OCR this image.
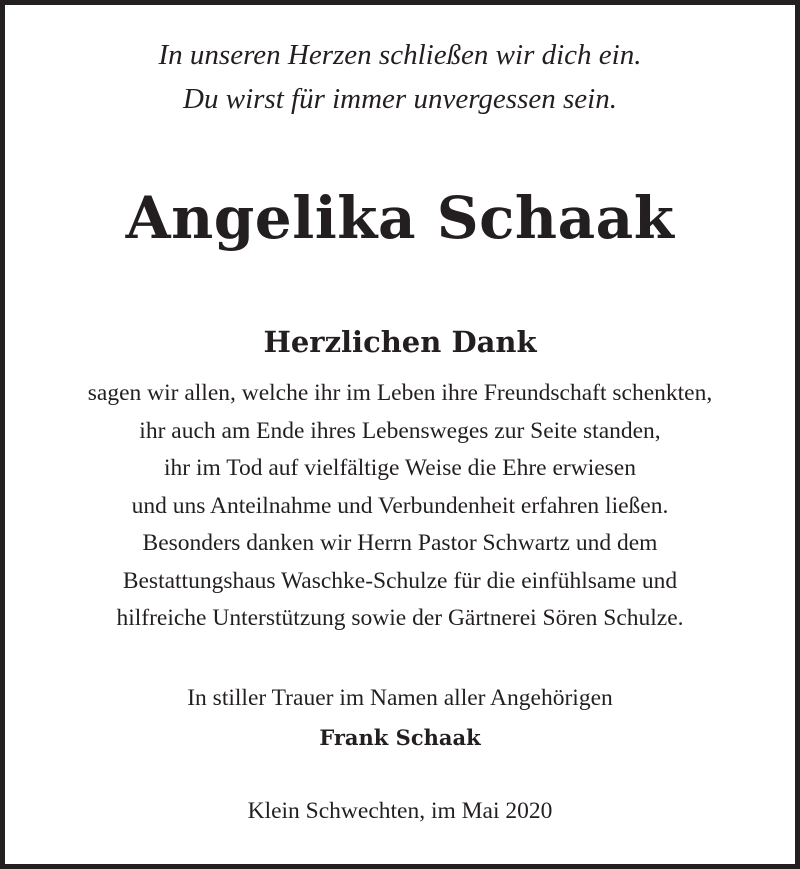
In unseren Herzen schließen wir dich ein.
Du wirst für immer unvergessen sein.
Angelika Schaak
Herzlichen Dank
sagen wir allen, welche ihr im Leben ihre Freundschaft schenkten,
ihr auch am Ende ihres Lebensweges zur Seite standen,
ihr im Tod auf vielfältige Weise die Ehre erwiesen
und uns Anteilnahme und Verbundenheit erfahren ließen.
Besonders danken wir Herrn Pastor Schwartz und dem
Bestattungshaus Waschke-Schulze für die einfühlsame und
hilfreiche Unterstützung sowie der Gärtnerei Sören Schulze.
In stiller Trauer im Namen aller Angehörigen
Frank Schaak
Klein Schwechten, im Mai 2020
